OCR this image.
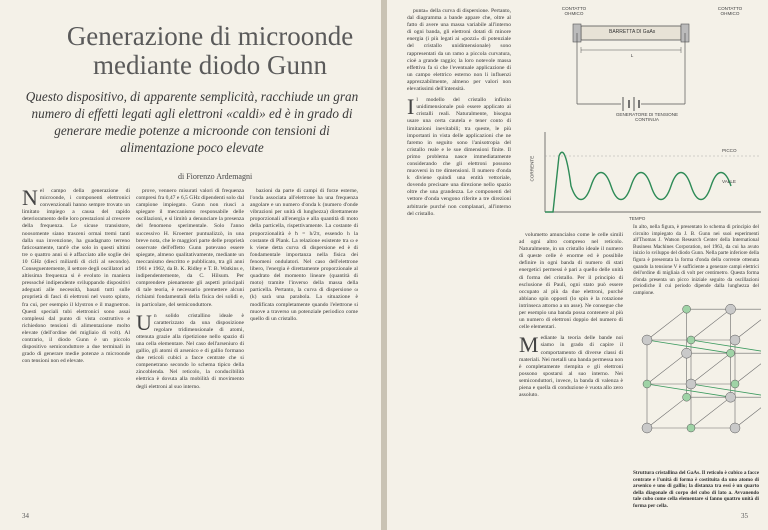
Generazione di microonde mediante diodo Gunn

Questo dispositivo, di apparente semplicità, racchiude un gran numero di effetti legati agli elettroni «caldi» ed è in grado di generare medie potenze a microonde con tensioni di alimentazione poco elevate

di Fiorenzo Ardemagni
N el campo della generazione di microonde, i componenti elettronici convenzionali hanno sempre trovato un limitato impiego a causa del rapido deterioramento delle loro prestazioni al crescere della frequenza. Le sicuse transistore, noosomente siano trasceni ormai tremi tanti dalla sua invenzione, ha guadagnato terreno faticosamente, tant'è che solo in questi ultimi tre o quattro anni si è affacciato alle soglie dei 10 GHz (dieci miliardi di cicli al secondo). Conseguentemente, il settore degli oscillatori ad altissima frequenza si è evoluto in maniera pressoché indipendente sviluppando dispositivi adeguati alle necessità, basati tutti sulle proprietà di fasci di elettroni nel vuoto spinto, fra cui, per esempio il klystron e il magnetron. Questi speciali tubi elettronici sono assai complessi dal punto di vista costruttivo e richiedono tensioni di alimentazione molto elevate (dell'ordine del migliaio di volt). Al contrario, il diodo Gunn è un piccolo dispositivo semiconduttore a due terminali in grado di generare medie potenze a microonde con tensioni non ed elevate.

prove, vennero misurati valori di frequenza compresi fra 0,47 e 6,5 GHz dipendenti solo dal campione impiegato. Gunn non riuscì a spiegare il meccanismo responsabile delle oscillazioni, e si limitò a denunciare la presenza del fenomeno sperimentale. Solo l'anno successivo H. Kroemer puntualizzò, in una breve nota, che le maggiori parte delle proprietà osservate dell'effetto Gunn potevano essere spiegate, almeno qualitativamente, mediante un meccanismo descritto e pubblicato, tra gli anni 1961 e 1962, da B. K. Ridley e T. B. Watkins e, indipendentemente, da C. Hilsum. Per comprendere pienamente gli aspetti principali di tale teoria, è necessario premettere alcuni richiami fondamentali della fisica dei solidi e, in particolare, del semiconduttore.

U n solido cristallino ideale è caratterizzato da una disposizione regolare tridimensionale di atomi, ottenuta grazie alla ripetizione nello spazio di una cella elementare. Nel caso dell'arseniuro di gallio, gli atomi di arsenico e di gallio formano due reticoli cubici a facce centrate che si compenetrano secondo lo schema tipico della zincoblenda. Nel reticolo, la conducibilità elettrica è dovuta alla mobilità di movimento degli elettroni al suo interno.

bazioni da parte di campi di forze esterne, l'onda associata all'elettrone ha una frequenza angolare e un numero d'onda k (numero d'onde vibrazioni per unità di lunghezza) direttamente proporzionali all'energia e alla quantità di moto della particella, rispettivamente. La costante di proporzionalità è ħ = h/2π, essendo h la costante di Plank. La relazione esistente tra ω e k viene detta curva di dispersione ed è di fondamentale importanza nella fisica dei fenomeni ondulatori. Nel caso dell'elettrone libero, l'energia è direttamente proporzionale al quadrato del momento lineare (quantità di moto) tramite l'inverso della massa della particella. Pertanto, la curva di dispersione ω (k) sarà una parabola. La situazione è modificata completamente quando l'elettrone si muove a traverso un potenziale periodico come quello di un cristallo.

34

punta» della curva di dispersione. Pertanto, dal diagramma a bande appare che, oltre al fatto di avere una massa variabile all'interno di ogni banda, gli elettroni dotati di minore energia (i più legati ai «pozzi» di potenziale del cristallo unidimensionale) sono rappresentati da un ramo a piccola curvatura, cioè a grande raggio; la loro notevole massa effettiva fa sì che l'eventuale applicazione di un campo elettrico esterno non li influenzi apprezzabilmente, almeno per valori non elevatissimi dell'intensità.

I l modello del cristallo infinito unidimensionale può essere applicato ai cristalli reali. Naturalmente, bisogna usare una certa cautela e tener conto di limitazioni inevitabili; tra queste, le più importanti in vista delle applicazioni che ne faremo in seguito sono l'anisotropia del cristallo reale e le sue dimensioni finite. Il primo problema nasce immediatamente considerando che gli elettroni possono muoversi in tre dimensioni. Il numero d'onda k diviene quindi una entità vettoriale, dovendo precisare una direzione nello spazio oltre che una grandezza. Le componenti del vettore d'onda vengono riferite a tre direzioni arbitrarie purché non complanari, all'interno del cristallo.

volumetto amuncialso come le celle simili ad ogni altro compreso nel reticolo. Naturalmente, in un cristallo ideale il numero di queste celle è enorme ed è possibile definire in ogni banda di numero di stati energetici permessi è pari a quello delle unità di forma del cristallo. Per il principio di esclusione di Pauli, ogni stato può essere occupato al più da due elettroni, purché abbiano spin opposti (lo spin è la rotazione intrinseca attorno a un asse). Ne consegue che per esempio una banda possa contenere al più un numero di elettroni doppio del numero di celle elementari.

M ediante la teoria delle bande noi siamo in grado di capire il comportamento di diverse classi di materiali. Nei metalli una banda permessa non è completamente riempita e gli elettroni possono spostarsi al suo interno. Nei semiconduttori, invece, la banda di valenza è piena e quella di conduzione è vuota allo zero assoluto.
CONTATTO OHMICO
CONTATTO OHMICO
BARRETTA DI GaAs
L
GENERATORE DI TENSIONE CONTINUA
PICCO
VALLE
CORRENTE
TEMPO
In alto, nella figura, è presentato lo schema di principio del circuito impiegato da J. B. Gunn nei suoi esperimenti all'Thomas J. Watson Research Center della International Business Machines Corporation, nel 1963, da cui ha avuto inizio lo sviluppo del diodo Gunn. Nella parte inferiore della figura è presentata la forma d'onda della corrente ottenuta quando la tensione V è sufficiente a generare campi elettrici dell'ordine di migliaia di volt per centimetro. Questa forma d'onda presenta un picco iniziale seguito da oscillazioni periodiche il cui periodo dipende dalla lunghezza del campione.
Struttura cristallina del GaAs. Il reticolo è cubico a facce centrate e l'unità di forma è costituita da uno atomo di arsenico e uno di gallio; la distanza tra essi è un quarto della diagonale di corpo del cubo di lato a. Avvanendo tale cubo come cella elementare si fanno quattro unità di forma per cella.
35
